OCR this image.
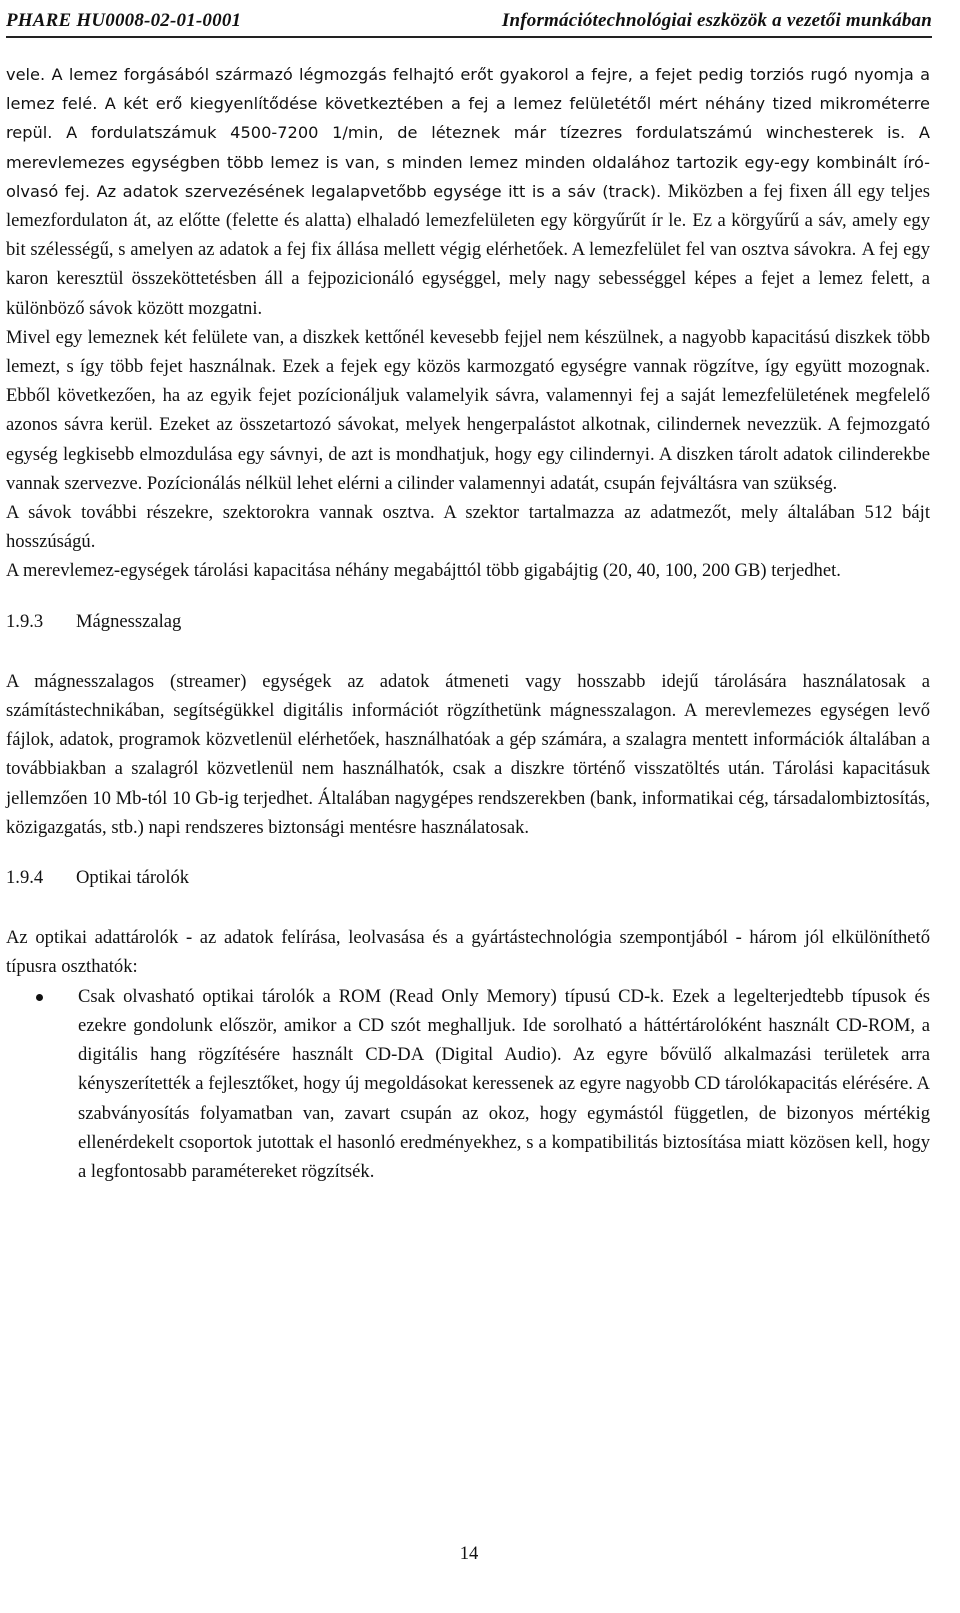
PHARE HU0008-02-01-0001	Információtechnológiai eszközök a vezetői munkában

vele. A lemez forgásából származó légmozgás felhajtó erőt gyakorol a fejre, a fejet pedig torziós rugó nyomja a lemez felé. A két erő kiegyenlítődése következtében a fej a lemez felületétől mért néhány tized mikrométerre repül. A fordulatszámuk 4500-7200 1/min, de léteznek már tízezres fordulatszámú winchesterek is. A merevlemezes egységben több lemez is van, s minden lemez minden oldalához tartozik egy-egy kombinált író-olvasó fej. Az adatok szervezésének legalapvetőbb egysége itt is a sáv (track). Miközben a fej fixen áll egy teljes lemezfordulaton át, az előtte (felette és alatta) elhaladó lemezfelületen egy körgyűrűt ír le. Ez a körgyűrű a sáv, amely egy bit szélességű, s amelyen az adatok a fej fix állása mellett végig elérhetőek. A lemezfelület fel van osztva sávokra. A fej egy karon keresztül összeköttetésben áll a fejpozicionáló egységgel, mely nagy sebességgel képes a fejet a lemez felett, a különböző sávok között mozgatni.

Mivel egy lemeznek két felülete van, a diszkek kettőnél kevesebb fejjel nem készülnek, a nagyobb kapacitású diszkek több lemezt, s így több fejet használnak. Ezek a fejek egy közös karmozgató egységre vannak rögzítve, így együtt mozognak. Ebből következően, ha az egyik fejet pozícionáljuk valamelyik sávra, valamennyi fej a saját lemezfelületének megfelelő azonos sávra kerül. Ezeket az összetartozó sávokat, melyek hengerpalástot alkotnak, cilindernek nevezzük. A fejmozgató egység legkisebb elmozdulása egy sávnyi, de azt is mondhatjuk, hogy egy cilindernyi. A diszken tárolt adatok cilinderekbe vannak szervezve. Pozícionálás nélkül lehet elérni a cilinder valamennyi adatát, csupán fejváltásra van szükség.

A sávok további részekre, szektorokra vannak osztva. A szektor tartalmazza az adatmezőt, mely általában 512 bájt hosszúságú.

A merevlemez-egységek tárolási kapacitása néhány megabájttól több gigabájtig (20, 40, 100, 200 GB) terjedhet.

1.9.3 Mágnesszalag

A mágnesszalagos (streamer) egységek az adatok átmeneti vagy hosszabb idejű tárolására használatosak a számítástechnikában, segítségükkel digitális információt rögzíthetünk mágnesszalagon. A merevlemezes egységen levő fájlok, adatok, programok közvetlenül elérhetőek, használhatóak a gép számára, a szalagra mentett információk általában a továbbiakban a szalagról közvetlenül nem használhatók, csak a diszkre történő visszatöltés után. Tárolási kapacitásuk jellemzően 10 Mb-tól 10 Gb-ig terjedhet. Általában nagygépes rendszerekben (bank, informatikai cég, társadalombiztosítás, közigazgatás, stb.) napi rendszeres biztonsági mentésre használatosak.

1.9.4 Optikai tárolók

Az optikai adattárolók - az adatok felírása, leolvasása és a gyártástechnológia szempontjából - három jól elkülöníthető típusra oszthatók:

Csak olvasható optikai tárolók a ROM (Read Only Memory) típusú CD-k. Ezek a legelterjedtebb típusok és ezekre gondolunk először, amikor a CD szót meghalljuk. Ide sorolható a háttértárolóként használt CD-ROM, a digitális hang rögzítésére használt CD-DA (Digital Audio). Az egyre bővülő alkalmazási területek arra kényszerítették a fejlesztőket, hogy új megoldásokat keressenek az egyre nagyobb CD tárolókapacitás elérésére. A szabványosítás folyamatban van, zavart csupán az okoz, hogy egymástól független, de bizonyos mértékig ellenérdekelt csoportok jutottak el hasonló eredményekhez, s a kompatibilitás biztosítása miatt közösen kell, hogy a legfontosabb paramétereket rögzítsék.
14
